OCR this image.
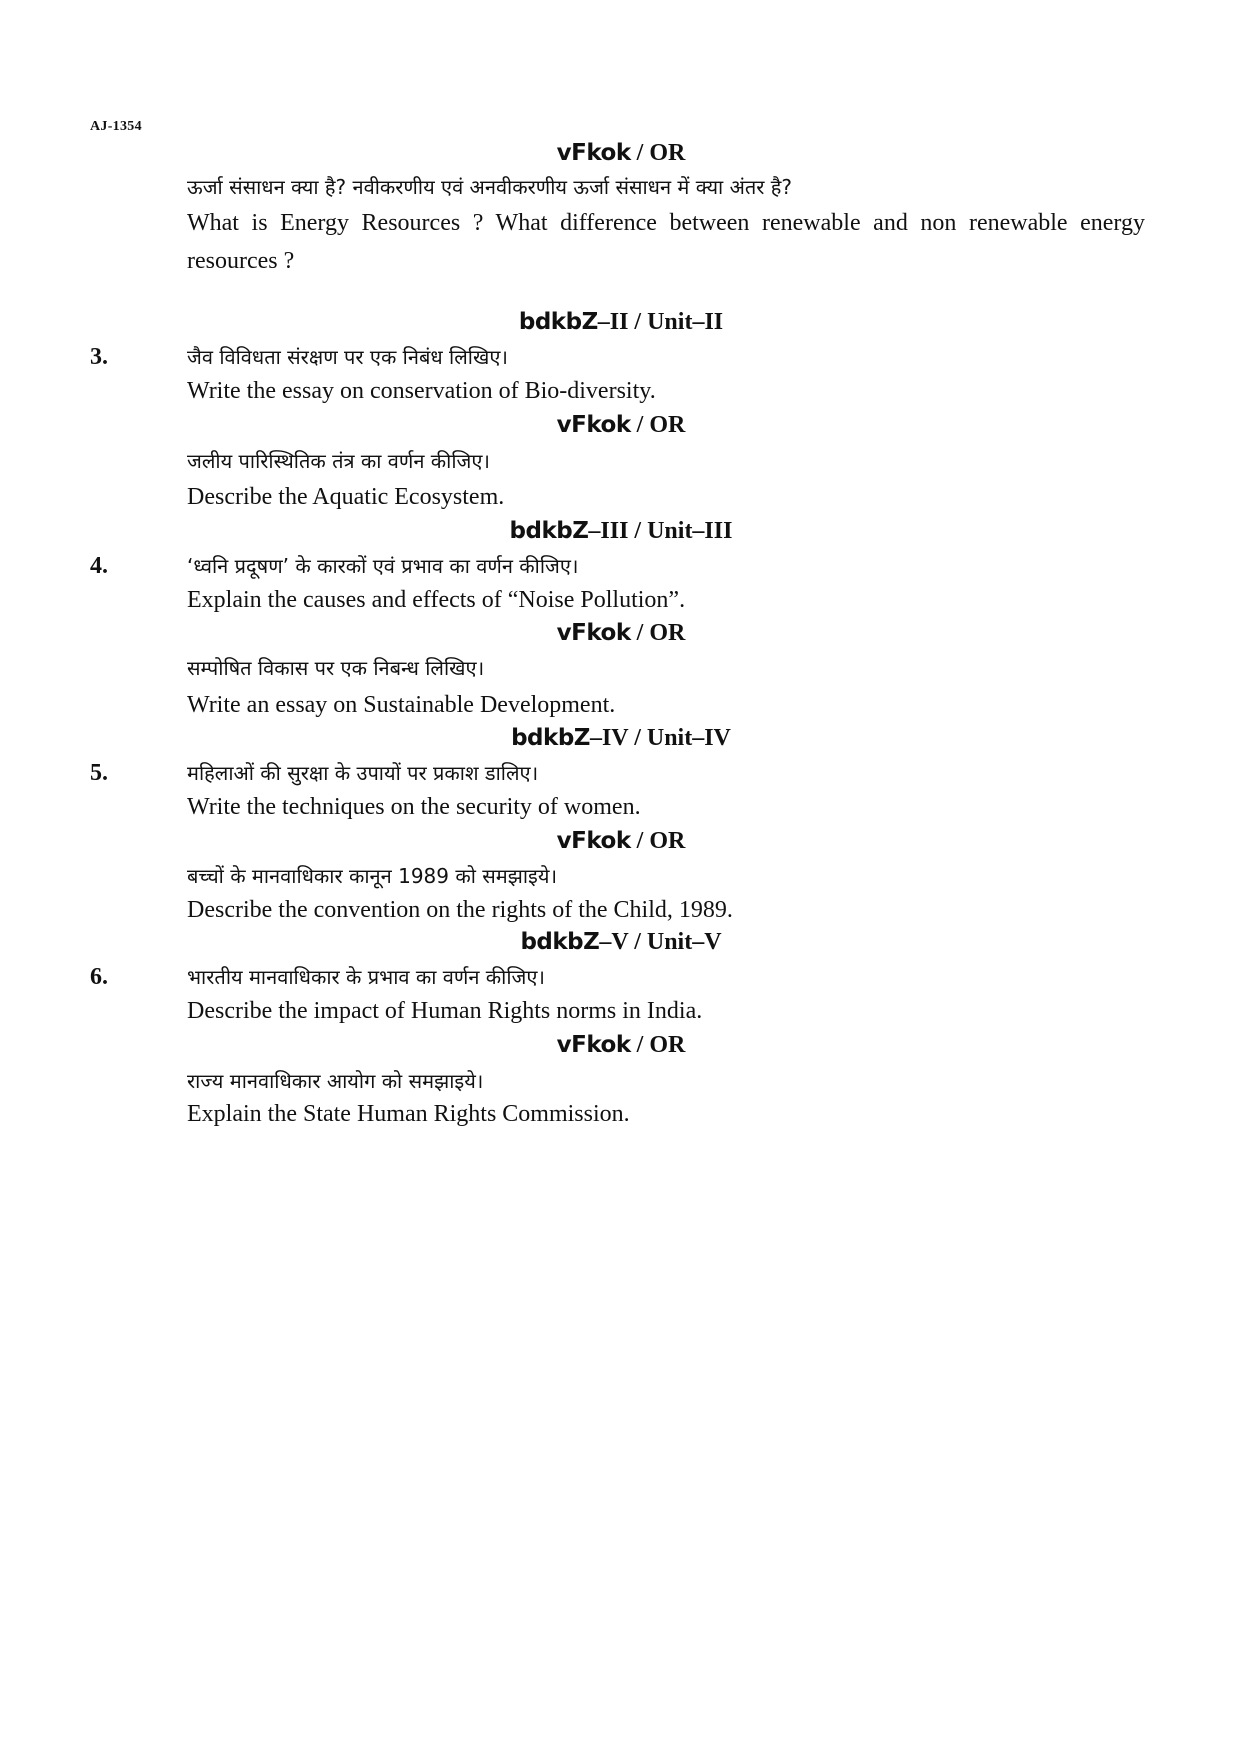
AJ-1354
vFkok / OR
ऊर्जा संसाधन क्या है? नवीकरणीय एवं अनवीकरणीय ऊर्जा संसाधन में क्या अंतर है?
What is Energy Resources ? What difference between renewable and non renewable energy resources ?
bdkbZ–II / Unit–II
3.	जैव विविधता संरक्षण पर एक निबंध लिखिए।
Write the essay on conservation of Bio-diversity.
vFkok / OR
जलीय पारिस्थितिक तंत्र का वर्णन कीजिए।
Describe the Aquatic Ecosystem.
bdkbZ–III / Unit–III
4.	‘ध्वनि प्रदूषण’ के कारकों एवं प्रभाव का वर्णन कीजिए।
Explain the causes and effects of “Noise Pollution”.
vFkok / OR
सम्पोषित विकास पर एक निबन्ध लिखिए।
Write an essay on Sustainable Development.
bdkbZ–IV / Unit–IV
5.	महिलाओं की सुरक्षा के उपायों पर प्रकाश डालिए।
Write the techniques on the security of women.
vFkok / OR
बच्चों के मानवाधिकार कानून 1989 को समझाइये।
Describe the convention on the rights of the Child, 1989.
bdkbZ–V / Unit–V
6.	भारतीय मानवाधिकार के प्रभाव का वर्णन कीजिए।
Describe the impact of Human Rights norms in India.
vFkok / OR
राज्य मानवाधिकार आयोग को समझाइये।
Explain the State Human Rights Commission.
